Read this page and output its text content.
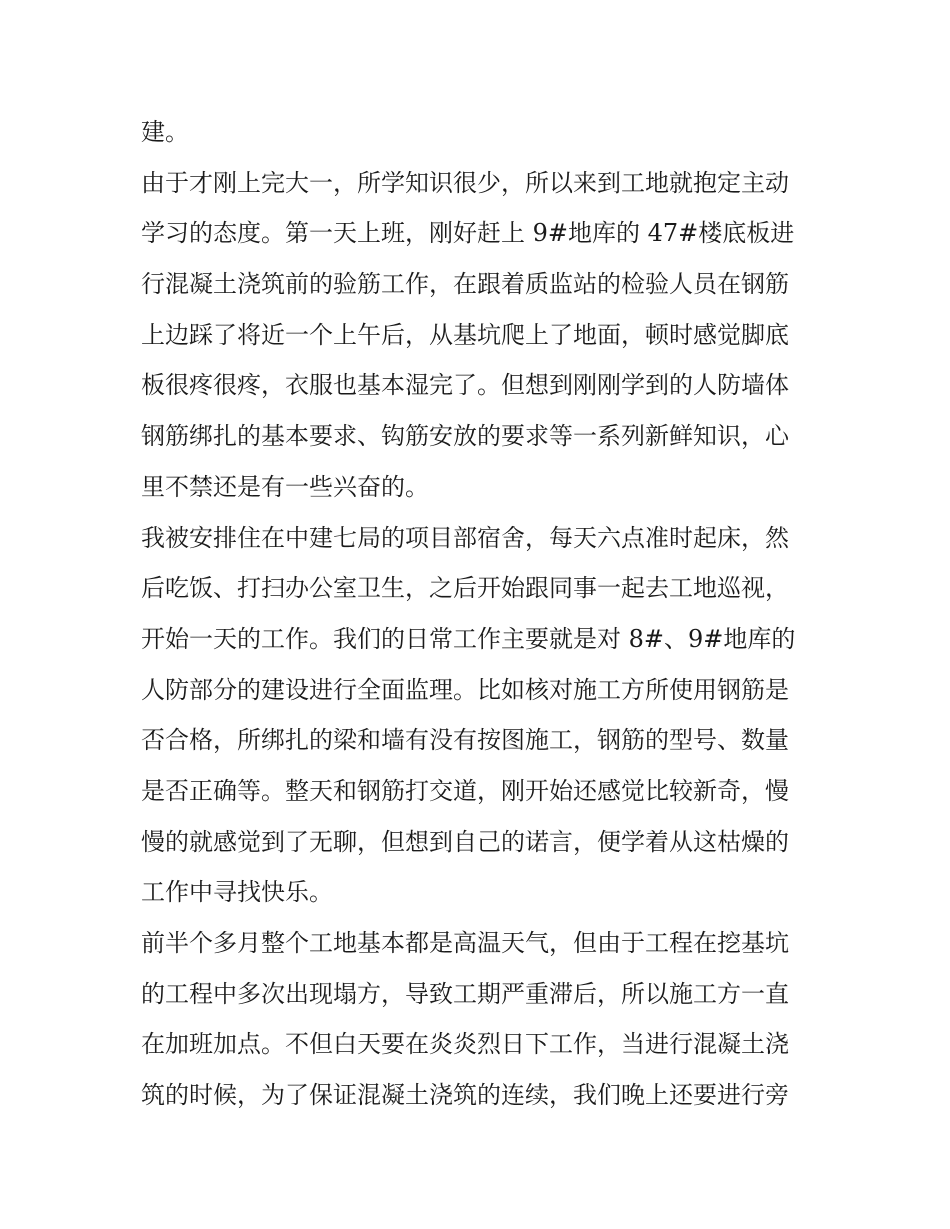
建。
由于才刚上完大一，所学知识很少，所以来到工地就抱定主动
学习的态度。第一天上班，刚好赶上 9#地库的 47#楼底板进
行混凝土浇筑前的验筋工作，在跟着质监站的检验人员在钢筋
上边踩了将近一个上午后，从基坑爬上了地面，顿时感觉脚底
板很疼很疼，衣服也基本湿完了。但想到刚刚学到的人防墙体
钢筋绑扎的基本要求、钩筋安放的要求等一系列新鲜知识，心
里不禁还是有一些兴奋的。
我被安排住在中建七局的项目部宿舍，每天六点准时起床，然
后吃饭、打扫办公室卫生，之后开始跟同事一起去工地巡视，
开始一天的工作。我们的日常工作主要就是对 8#、9#地库的
人防部分的建设进行全面监理。比如核对施工方所使用钢筋是
否合格，所绑扎的梁和墙有没有按图施工，钢筋的型号、数量
是否正确等。整天和钢筋打交道，刚开始还感觉比较新奇，慢
慢的就感觉到了无聊，但想到自己的诺言，便学着从这枯燥的
工作中寻找快乐。
前半个多月整个工地基本都是高温天气，但由于工程在挖基坑
的工程中多次出现塌方，导致工期严重滞后，所以施工方一直
在加班加点。不但白天要在炎炎烈日下工作，当进行混凝土浇
筑的时候，为了保证混凝土浇筑的连续，我们晚上还要进行旁
